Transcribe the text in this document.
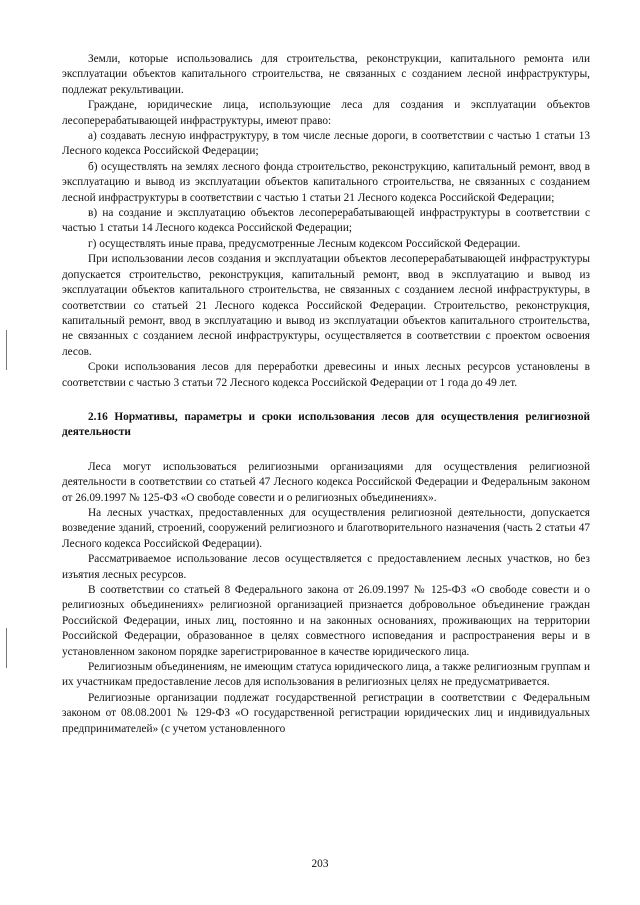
Земли, которые использовались для строительства, реконструкции, капитального ремонта или эксплуатации объектов капитального строительства, не связанных с созданием лесной инфраструктуры, подлежат рекультивации.

Граждане, юридические лица, использующие леса для создания и эксплуатации объектов лесоперерабатывающей инфраструктуры, имеют право:

а) создавать лесную инфраструктуру, в том числе лесные дороги, в соответствии с частью 1 статьи 13 Лесного кодекса Российской Федерации;

б) осуществлять на землях лесного фонда строительство, реконструкцию, капитальный ремонт, ввод в эксплуатацию и вывод из эксплуатации объектов капитального строительства, не связанных с созданием лесной инфраструктуры в соответствии с частью 1 статьи 21 Лесного кодекса Российской Федерации;

в) на создание и эксплуатацию объектов лесоперерабатывающей инфраструктуры в соответствии с частью 1 статьи 14 Лесного кодекса Российской Федерации;

г) осуществлять иные права, предусмотренные Лесным кодексом Российской Федерации.

При использовании лесов создания и эксплуатации объектов лесоперерабатывающей инфраструктуры допускается строительство, реконструкция, капитальный ремонт, ввод в эксплуатацию и вывод из эксплуатации объектов капитального строительства, не связанных с созданием лесной инфраструктуры, в соответствии со статьей 21 Лесного кодекса Российской Федерации. Строительство, реконструкция, капитальный ремонт, ввод в эксплуатацию и вывод из эксплуатации объектов капитального строительства, не связанных с созданием лесной инфраструктуры, осуществляется в соответствии с проектом освоения лесов.

Сроки использования лесов для переработки древесины и иных лесных ресурсов установлены в соответствии с частью 3 статьи 72 Лесного кодекса Российской Федерации от 1 года до 49 лет.

2.16 Нормативы, параметры и сроки использования лесов для осуществления религиозной деятельности

Леса могут использоваться религиозными организациями для осуществления религиозной деятельности в соответствии со статьей 47 Лесного кодекса Российской Федерации и Федеральным законом от 26.09.1997 № 125-ФЗ «О свободе совести и о религиозных объединениях».

На лесных участках, предоставленных для осуществления религиозной деятельности, допускается возведение зданий, строений, сооружений религиозного и благотворительного назначения (часть 2 статьи 47 Лесного кодекса Российской Федерации).

Рассматриваемое использование лесов осуществляется с предоставлением лесных участков, но без изъятия лесных ресурсов.

В соответствии со статьей 8 Федерального закона от 26.09.1997 № 125-ФЗ «О свободе совести и о религиозных объединениях» религиозной организацией признается добровольное объединение граждан Российской Федерации, иных лиц, постоянно и на законных основаниях, проживающих на территории Российской Федерации, образованное в целях совместного исповедания и распространения веры и в установленном законом порядке зарегистрированное в качестве юридического лица.

Религиозным объединениям, не имеющим статуса юридического лица, а также религиозным группам и их участникам предоставление лесов для использования в религиозных целях не предусматривается.

Религиозные организации подлежат государственной регистрации в соответствии с Федеральным законом от 08.08.2001 № 129-ФЗ «О государственной регистрации юридических лиц и индивидуальных предпринимателей» (с учетом установленного

203
